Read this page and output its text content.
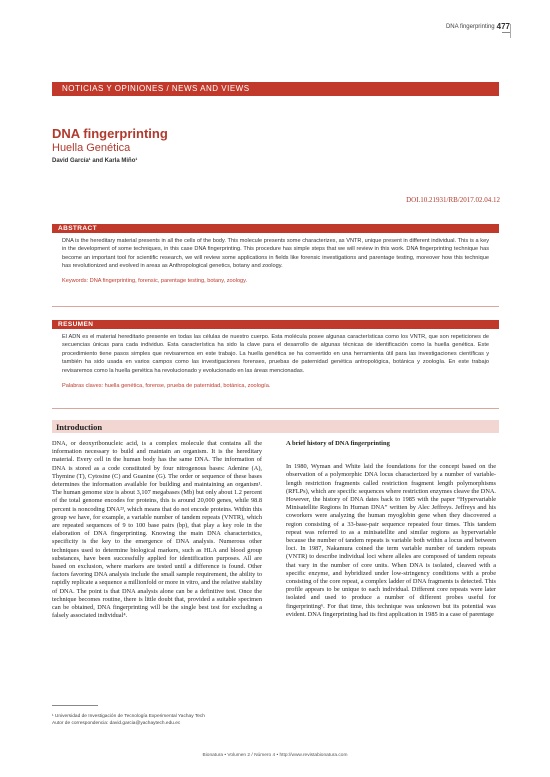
DNA fingerprinting 477
NOTICIAS Y OPINIONES / NEWS AND VIEWS
DNA fingerprinting
Huella Genética
David García¹ and Karla Miño¹
DOI.10.21931/RB/2017.02.04.12
ABSTRACT
DNA is the hereditary material presents in all the cells of the body. This molecule presents some characterizes, as VNTR, unique present in different individual. This is a key in the development of some techniques, in this case DNA fingerprinting. This procedure has simple steps that we will review in this work. DNA fingerprinting technique has become an important tool for scientific research, we will review some applications in fields like forensic investigations and parentage testing, moreover how this technique has revolutionized and evolved in areas as Anthropological genetics, botany and zoology.
Keywords: DNA fingerprinting, forensic, parentage testing, botany, zoology.
RESUMEN
El ADN es el material hereditario presente en todas las células de nuestro cuerpo. Esta molécula posee algunas características como los VNTR, que son repeticiones de secuencias únicas para cada individuo. Esta característica ha sido la clave para el desarrollo de algunas técnicas de identificación como la huella genética. Este procedimiento tiene pasos simples que revisaremos en este trabajo. La huella genética se ha convertido en una herramienta útil para las investigaciones científicas y también ha sido usada en varios campos como las investigaciones forenses, pruebas de paternidad genética antropológica, botánica y zoología. En este trabajo revisaremos como la huella genética ha revolucionado y evolucionado en las áreas mencionadas.
Palabras claves: huella genética, forense, prueba de paternidad, botánica, zoología.
Introduction

DNA, or deoxyribonucleic acid, is a complex molecule that contains all the information necessary to build and maintain an organism. It is the hereditary material. Every cell in the human body has the same DNA. The information of DNA is stored as a code constituted by four nitrogenous bases: Adenine (A), Thymine (T), Cytosine (C) and Guanine (G). The order or sequence of these bases determines the information available for building and maintaining an organism¹. The human genome size is about 3,107 megabases (Mb) but only about 1.2 percent of the total genome encodes for proteins, this is around 20,000 genes, while 98.8 percent is noncoding DNA²³, which means that do not encode proteins. Within this group we have, for example, a variable number of tandem repeats (VNTR), which are repeated sequences of 9 to 100 base pairs (bp), that play a key role in the elaboration of DNA fingerprinting. Knowing the main DNA characteristics, specificity is the key to the emergence of DNA analysis. Numerous other techniques used to determine biological markers, such as HLA and blood group substances, have been successfully applied for identification purposes. All are based on exclusion, where markers are tested until a difference is found. Other factors favoring DNA analysis include the small sample requirement, the ability to rapidly replicate a sequence a millionfold or more in vitro, and the relative stability of DNA. The point is that DNA analysis alone can be a definitive test. Once the technique becomes routine, there is little doubt that, provided a suitable specimen can be obtained, DNA fingerprinting will be the single best test for excluding a falsely associated individual⁴.

A brief history of DNA fingerprinting

In 1980, Wyman and White laid the foundations for the concept based on the observation of a polymorphic DNA locus characterized by a number of variable-length restriction fragments called restriction fragment length polymorphisms (RFLPs), which are specific sequences where restriction enzymes cleave the DNA. However, the history of DNA dates back to 1985 with the paper “Hypervariable Minisatellite Regions In Human DNA” written by Alec Jeffreys. Jeffreys and his coworkers were analyzing the human myoglobin gene when they discovered a region consisting of a 33-base-pair sequence repeated four times. This tandem repeat was referred to as a minisatellite and similar regions as hypervariable because the number of tandem repeats is variable both within a locus and between loci. In 1987, Nakamura coined the term variable number of tandem repeats (VNTR) to describe individual loci where alleles are composed of tandem repeats that vary in the number of core units. When DNA is isolated, cleaved with a specific enzyme, and hybridized under low-stringency conditions with a probe consisting of the core repeat, a complex ladder of DNA fragments is detected. This profile appears to be unique to each individual. Different core repeats were later isolated and used to produce a number of different probes useful for fingerprinting⁶. For that time, this technique was unknown but its potential was evident. DNA fingerprinting had its first application in 1985 in a case of parentage

¹ Universidad de Investigación de Tecnología Experimental Yachay Tech
Autor de correspondencia: david.garcia@yachaytech.edu.ec
Bionatura • Volumen 2 / Número 4 • http://www.revistabionatura.com
